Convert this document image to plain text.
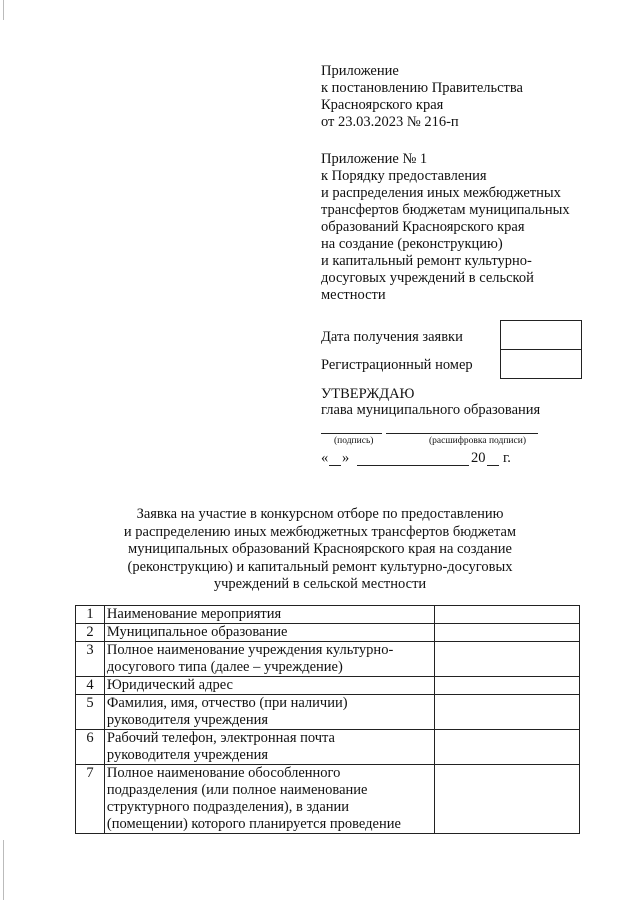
Приложение
к постановлению Правительства
Красноярского края
от 23.03.2023 № 216-п
Приложение № 1
к Порядку предоставления
и распределения иных межбюджетных
трансфертов бюджетам муниципальных
образований Красноярского края
на создание (реконструкцию)
и капитальный ремонт культурно-
досуговых учреждений в сельской
местности
Дата получения заявки
Регистрационный номер
УТВЕРЖДАЮ
глава муниципального образования
(подпись)	(расшифровка подписи)
« »	20 г.
Заявка на участие в конкурсном отборе по предоставлению
и распределению иных межбюджетных трансфертов бюджетам
муниципальных образований Красноярского края на создание
(реконструкцию) и капитальный ремонт культурно-досуговых
учреждений в сельской местности
1	Наименование мероприятия	

2	Муниципальное образование	

3	Полное наименование учреждения культурно-
досугового типа (далее – учреждение)	

4	Юридический адрес	

5	Фамилия, имя, отчество (при наличии)
руководителя учреждения	

6	Рабочий телефон, электронная почта
руководителя учреждения	

7	Полное наименование обособленного
подразделения (или полное наименование
структурного подразделения), в здании
(помещении) которого планируется проведение	
